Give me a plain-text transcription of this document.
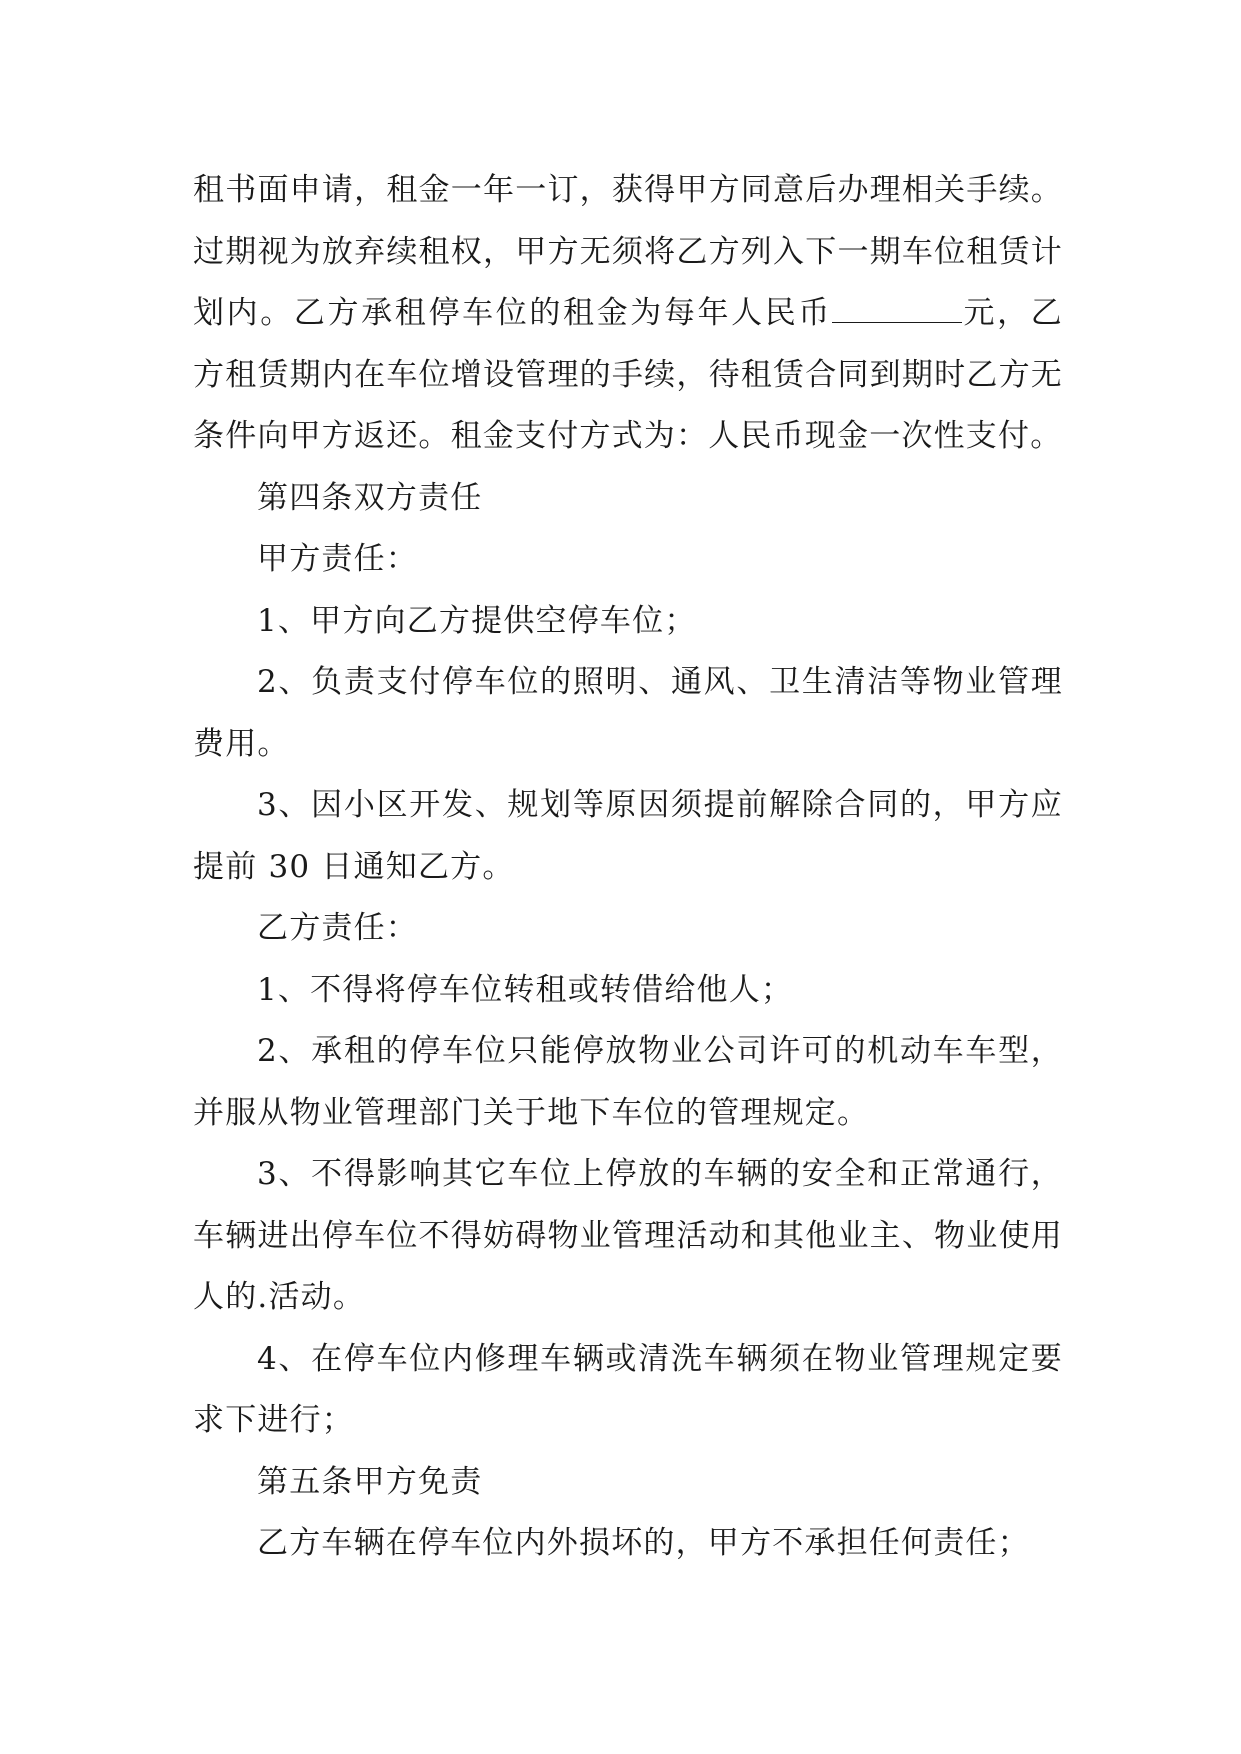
租书面申请，租金一年一订，获得甲方同意后办理相关手续。过期视为放弃续租权，甲方无须将乙方列入下一期车位租赁计划内。乙方承租停车位的租金为每年人民币	元，乙方租赁期内在车位增设管理的手续，待租赁合同到期时乙方无条件向甲方返还。租金支付方式为：人民币现金一次性支付。

第四条双方责任

甲方责任：

1、甲方向乙方提供空停车位；

2、负责支付停车位的照明、通风、卫生清洁等物业管理费用。

3、因小区开发、规划等原因须提前解除合同的，甲方应提前 30 日通知乙方。

乙方责任：

1、不得将停车位转租或转借给他人；

2、承租的停车位只能停放物业公司许可的机动车车型，并服从物业管理部门关于地下车位的管理规定。

3、不得影响其它车位上停放的车辆的安全和正常通行，车辆进出停车位不得妨碍物业管理活动和其他业主、物业使用人的.活动。

4、在停车位内修理车辆或清洗车辆须在物业管理规定要求下进行；

第五条甲方免责

乙方车辆在停车位内外损坏的，甲方不承担任何责任；
